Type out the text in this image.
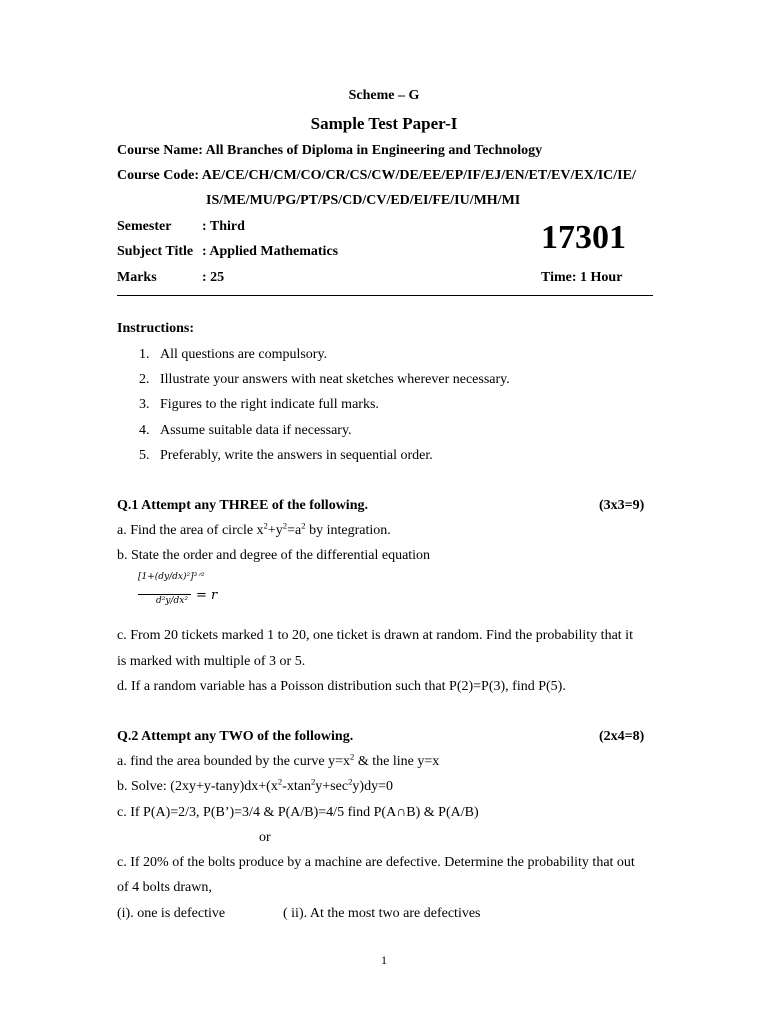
Scheme – G
Sample Test Paper-I
Course Name: All Branches of Diploma in Engineering and Technology
Course Code: AE/CE/CH/CM/CO/CR/CS/CW/DE/EE/EP/IF/EJ/EN/ET/EV/EX/IC/IE/
IS/ME/MU/PG/PT/PS/CD/CV/ED/EI/FE/IU/MH/MI
Semester : Third
Subject Title : Applied Mathematics
Marks	: 25
17301
Time: 1 Hour
Instructions:
1. All questions are compulsory.
2. Illustrate your answers with neat sketches wherever necessary.
3. Figures to the right indicate full marks.
4. Assume suitable data if necessary.
5. Preferably, write the answers in sequential order.
Q.1 Attempt any THREE of the following.	(3x3=9)
a. Find the area of circle $x^2+y^2=a^2$ by integration.
b. State the order and degree of the differential equation
[1+(dy/dx)²]³ᐟ²
d²y/dx² = r
c. From 20 tickets marked 1 to 20, one ticket is drawn at random. Find the probability that it
is marked with multiple of 3 or 5.
d. If a random variable has a Poisson distribution such that P(2)=P(3), find P(5).
Q.2 Attempt any TWO of the following.	(2x4=8)
a. find the area bounded by the curve $y=x^2$ & the line y=x
b. Solve: $(2xy+y-\tan y)dx+(x^2-xtan^2y+\sec^2y)dy=0$
c. If P(A)=2/3, P(B’)=3/4 & P(A/B)=4/5 find P(A∩B) & P(A/B)
or
c. If 20% of the bolts produce by a machine are defective. Determine the probability that out
of 4 bolts drawn,
(i). one is defective	( ii). At the most two are defectives
1
